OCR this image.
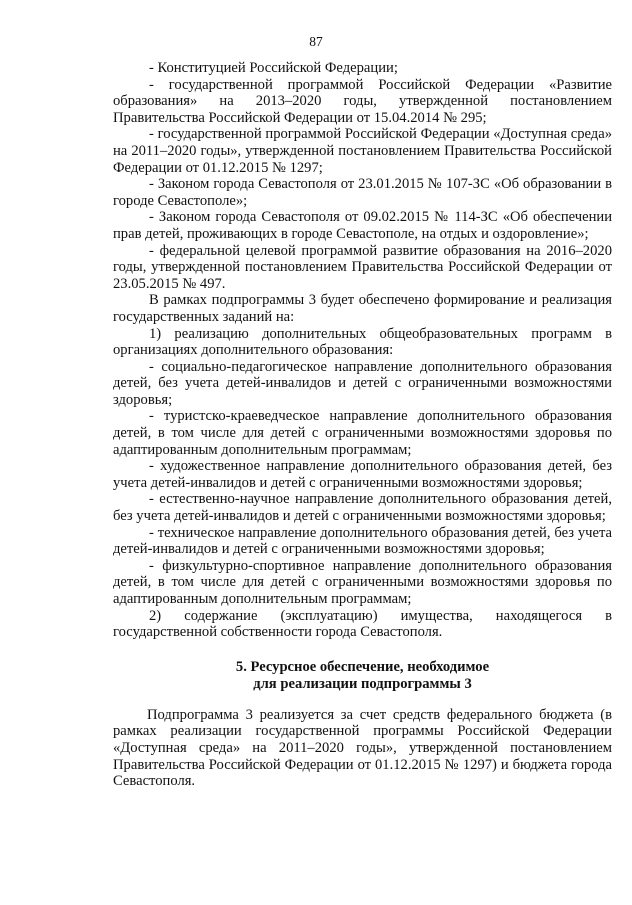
87

- Конституцией Российской Федерации;

- государственной программой Российской Федерации «Развитие образования» на 2013–2020 годы, утвержденной постановлением Правительства Российской Федерации от 15.04.2014 № 295;

- государственной программой Российской Федерации «Доступная среда» на 2011–2020 годы», утвержденной постановлением Правительства Российской Федерации от 01.12.2015 № 1297;

- Законом города Севастополя от 23.01.2015 № 107-ЗС «Об образовании в городе Севастополе»;

- Законом города Севастополя от 09.02.2015 № 114-ЗС «Об обеспечении прав детей, проживающих в городе Севастополе, на отдых и оздоровление»;

- федеральной целевой программой развитие образования на 2016–2020 годы, утвержденной постановлением Правительства Российской Федерации от 23.05.2015 № 497.

В рамках подпрограммы 3 будет обеспечено формирование и реализация государственных заданий на:

1) реализацию дополнительных общеобразовательных программ в организациях дополнительного образования:

- социально-педагогическое направление дополнительного образования детей, без учета детей-инвалидов и детей с ограниченными возможностями здоровья;

- туристско-краеведческое направление дополнительного образования детей, в том числе для детей с ограниченными возможностями здоровья по адаптированным дополнительным программам;

- художественное направление дополнительного образования детей, без учета детей-инвалидов и детей с ограниченными возможностями здоровья;

- естественно-научное направление дополнительного образования детей, без учета детей-инвалидов и детей с ограниченными возможностями здоровья;

- техническое направление дополнительного образования детей, без учета детей-инвалидов и детей с ограниченными возможностями здоровья;

- физкультурно-спортивное направление дополнительного образования детей, в том числе для детей с ограниченными возможностями здоровья по адаптированным дополнительным программам;

2) содержание (эксплуатацию) имущества, находящегося в государственной собственности города Севастополя.

5. Ресурсное обеспечение, необходимое
для реализации подпрограммы 3

Подпрограмма 3 реализуется за счет средств федерального бюджета (в рамках реализации государственной программы Российской Федерации «Доступная среда» на 2011–2020 годы», утвержденной постановлением Правительства Российской Федерации от 01.12.2015 № 1297) и бюджета города Севастополя.
